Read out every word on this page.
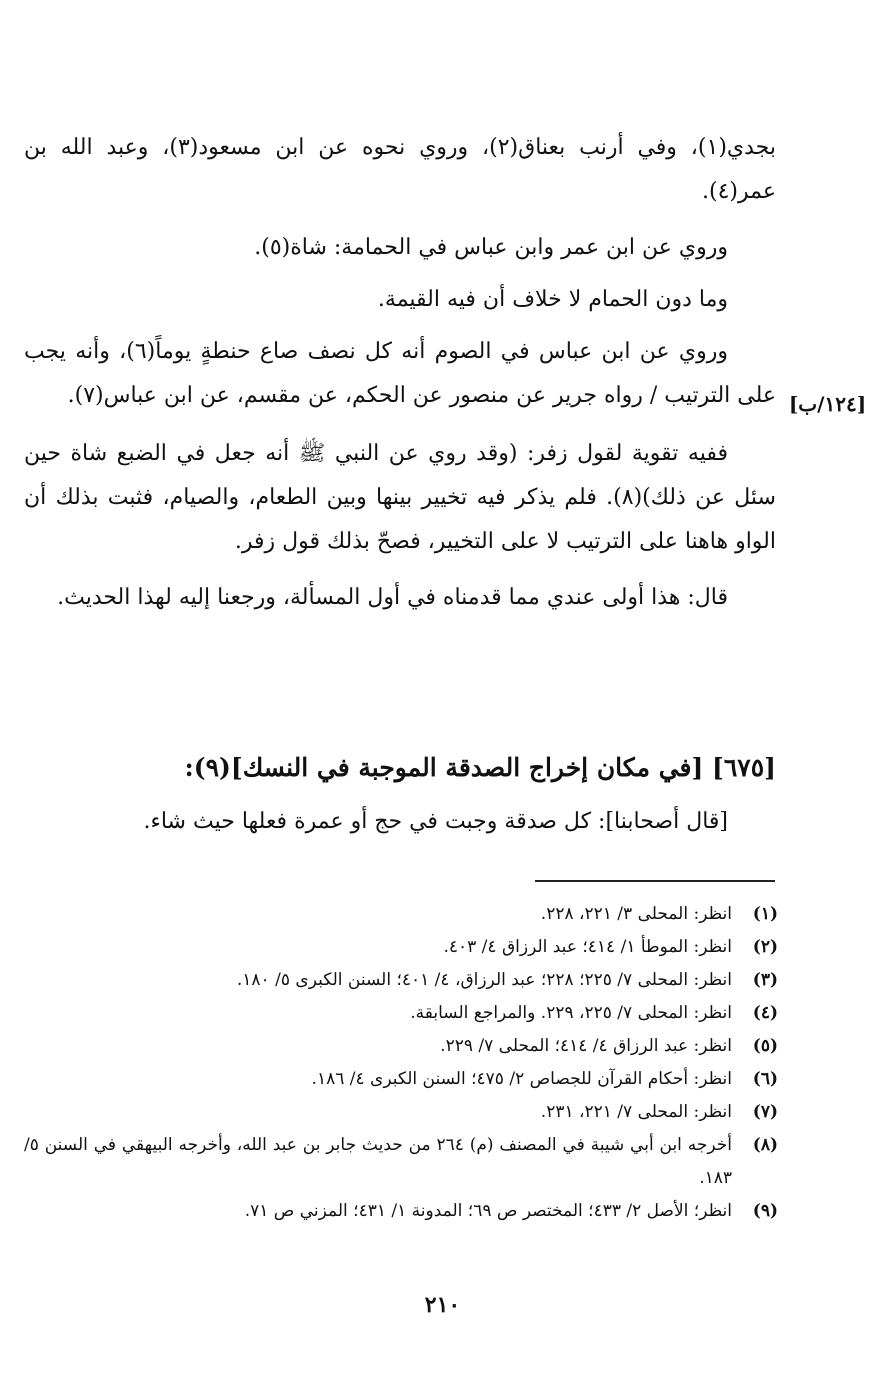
بجدي(١)، وفي أرنب بعناق(٢)، وروي نحوه عن ابن مسعود(٣)، وعبد الله بن عمر(٤).

وروي عن ابن عمر وابن عباس في الحمامة: شاة(٥).

وما دون الحمام لا خلاف أن فيه القيمة.

وروي عن ابن عباس في الصوم أنه كل نصف صاع حنطةٍ يوماً(٦)، وأنه يجب على الترتيب / رواه جرير عن منصور عن الحكم، عن مقسم، عن ابن عباس(٧).

ففيه تقوية لقول زفر: (وقد روي عن النبي ﷺ أنه جعل في الضبع شاة حين سئل عن ذلك)(٨). فلم يذكر فيه تخيير بينها وبين الطعام، والصيام، فثبت بذلك أن الواو هاهنا على الترتيب لا على التخيير، فصحّ بذلك قول زفر.

قال: هذا أولى عندي مما قدمناه في أول المسألة، ورجعنا إليه لهذا الحديث.

[١٢٤/ب]
[٦٧٥] [في مكان إخراج الصدقة الموجبة في النسك](٩):

[قال أصحابنا]: كل صدقة وجبت في حج أو عمرة فعلها حيث شاء.

(١)
انظر: المحلى ٣/ ٢٢١، ٢٢٨.
(٢)
انظر: الموطأ ١/ ٤١٤؛ عبد الرزاق ٤/ ٤٠٣.
(٣)
انظر: المحلى ٧/ ٢٢٥؛ ٢٢٨؛ عبد الرزاق، ٤/ ٤٠١؛ السنن الكبرى ٥/ ١٨٠.
(٤)
انظر: المحلى ٧/ ٢٢٥، ٢٢٩. والمراجع السابقة.
(٥)
انظر: عبد الرزاق ٤/ ٤١٤؛ المحلى ٧/ ٢٢٩.
(٦)
انظر: أحكام القرآن للجصاص ٢/ ٤٧٥؛ السنن الكبرى ٤/ ١٨٦.
(٧)
انظر: المحلى ٧/ ٢٢١، ٢٣١.
(٨)
أخرجه ابن أبي شيبة في المصنف (م) ٢٦٤ من حديث جابر بن عبد الله، وأخرجه البيهقي في السنن ٥/ ١٨٣.
(٩)
انظر؛ الأصل ٢/ ٤٣٣؛ المختصر ص ٦٩؛ المدونة ١/ ٤٣١؛ المزني ص ٧١.
٢١٠
